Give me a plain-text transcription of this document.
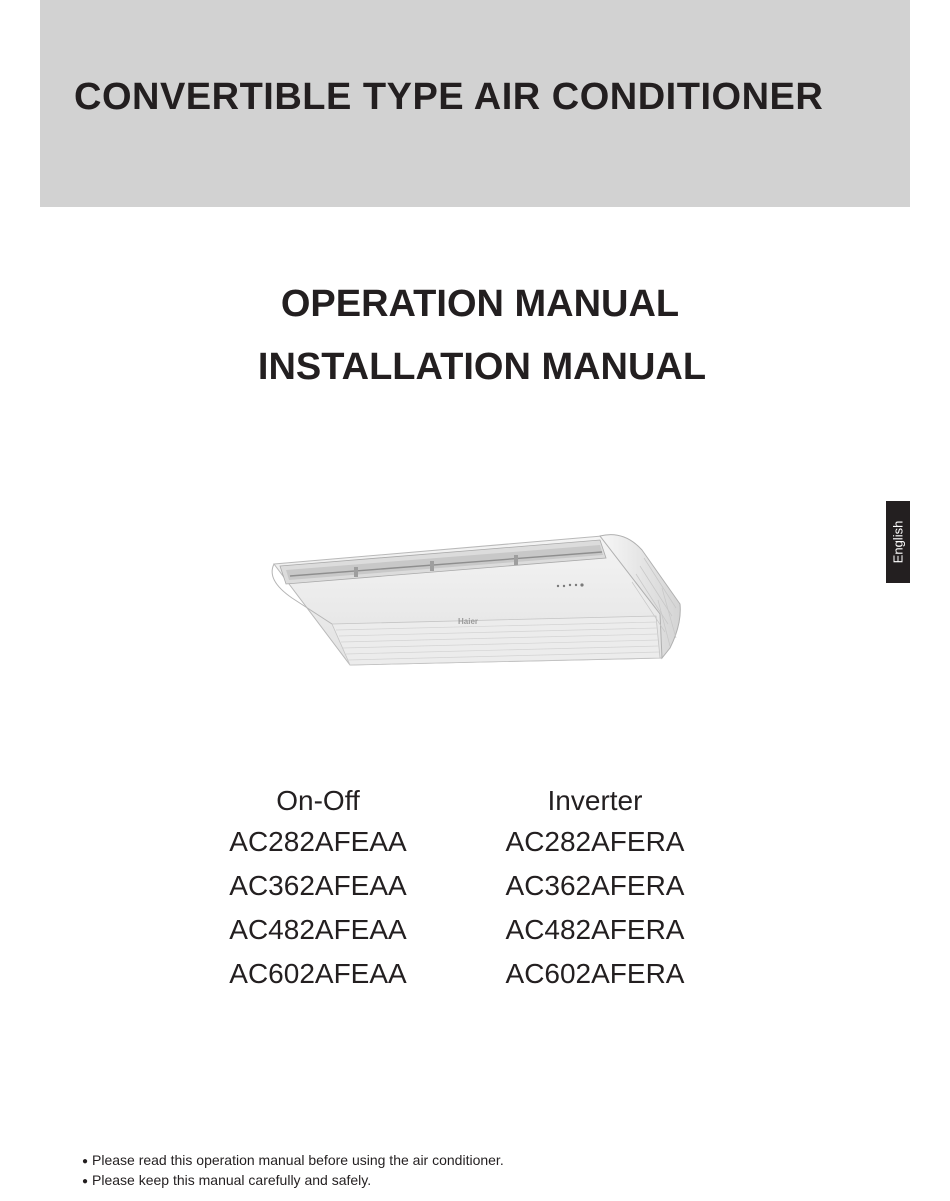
CONVERTIBLE TYPE AIR CONDITIONER
OPERATION MANUAL
INSTALLATION MANUAL
English
Haier
On-Off
AC282AFEAA
AC362AFEAA
AC482AFEAA
AC602AFEAA
Inverter
AC282AFERA
AC362AFERA
AC482AFERA
AC602AFERA
● Please read this operation manual before using the air conditioner.
● Please keep this manual carefully and safely.
